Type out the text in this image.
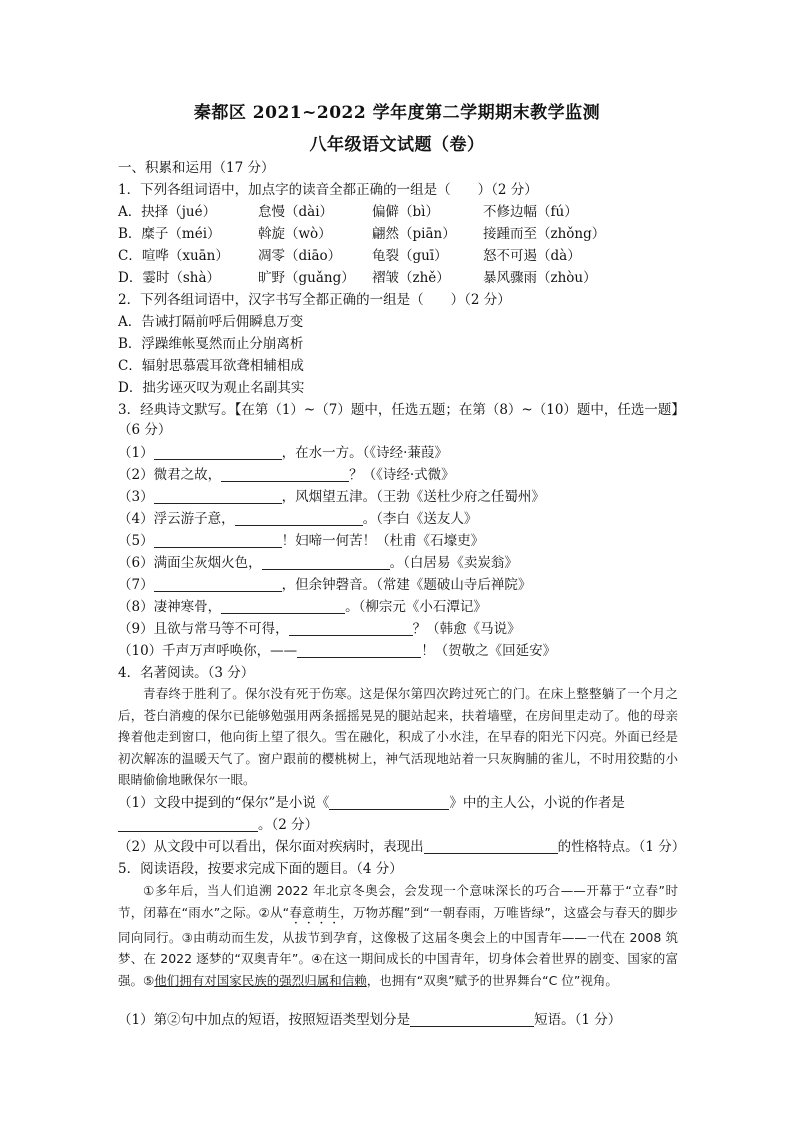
秦都区 2021~2022 学年度第二学期期末教学监测
八年级语文试题（卷）
一、积累和运用（17 分）
1．下列各组词语中，加点字的读音全都正确的一组是（　　）（2 分）
A．抉择（jué）	怠慢（dài）	偏僻（bì）	不修边幅（fú）
B．糜子（méi）	斡旋（wò）	翩然（piān） 接踵而至（zhǒng）
C．喧哗（xuān） 凋零（diāo） 龟裂（guī）	怒不可遏（dà）
D．霎时（shà）	旷野（guǎng） 褶皱（zhě） 暴风骤雨（zhòu）
2．下列各组词语中，汉字书写全都正确的一组是（　　）（2 分）
A．告诫打隔前呼后佣瞬息万变
B．浮躁维帐戛然而止分崩离析
C．辐射思慕震耳欲聋相辅相成
D．拙劣诬灭叹为观止名副其实
3．经典诗文默写。【在第（1）~（7）题中，任选五题；在第（8）~（10）题中，任选一题】
（6 分）
（1）	，在水一方。（《诗经·蒹葭》
（2）微君之故，	？（《诗经·式微》
（3）	，风烟望五津。（王勃《送杜少府之任蜀州》
（4）浮云游子意，	。（李白《送友人》
（5）	！妇啼一何苦！（杜甫《石壕吏》
（6）满面尘灰烟火色，	。（白居易《卖炭翁》
（7）	，但余钟磬音。（常建《题破山寺后禅院》
（8）凄神寒骨，	。（柳宗元《小石潭记》
（9）且欲与常马等不可得，	？（韩愈《马说》
（10）千声万声呼唤你，——	！（贺敬之《回延安》
4．名著阅读。（3 分）

青春终于胜利了。保尔没有死于伤寒。这是保尔第四次跨过死亡的门。在床上整整躺了一个月之后，苍白消瘦的保尔已能够勉强用两条摇摇晃晃的腿站起来，扶着墙壁，在房间里走动了。他的母亲搀着他走到窗口，他向街上望了很久。雪在融化，积成了小水洼，在早春的阳光下闪亮。外面已经是初次解冻的温暖天气了。窗户跟前的樱桃树上，神气活现地站着一只灰胸脯的雀儿，不时用狡黠的小眼睛偷偷地瞅保尔一眼。

（1）文段中提到的“保尔”是小说《	》中的主人公，小说的作者是
。（2 分）
（2）从文段中可以看出，保尔面对疾病时，表现出	的性格特点。（1 分）
5．阅读语段，按要求完成下面的题目。（4 分）

①多年后，当人们追溯 2022 年北京冬奥会，会发现一个意味深长的巧合——开幕于“立春”时节，闭幕在“雨水”之际。②从“春意萌生，万物苏醒”到“一朝春雨，万唯皆绿”，这盛会与春天的脚步同向同行。③由萌动而生发，从拔节到孕育，这像极了这届冬奥会上的中国青年——一代在 2008 筑梦、在 2022 逐梦的“双奥青年”。④在这一期间成长的中国青年，切身体会着世界的剧变、国家的富强。⑤他们拥有对国家民族的强烈归属和信赖，也拥有“双奥”赋予的世界舞台“C 位”视角。

（1）第②句中加点的短语，按照短语类型划分是	短语。（1 分）
